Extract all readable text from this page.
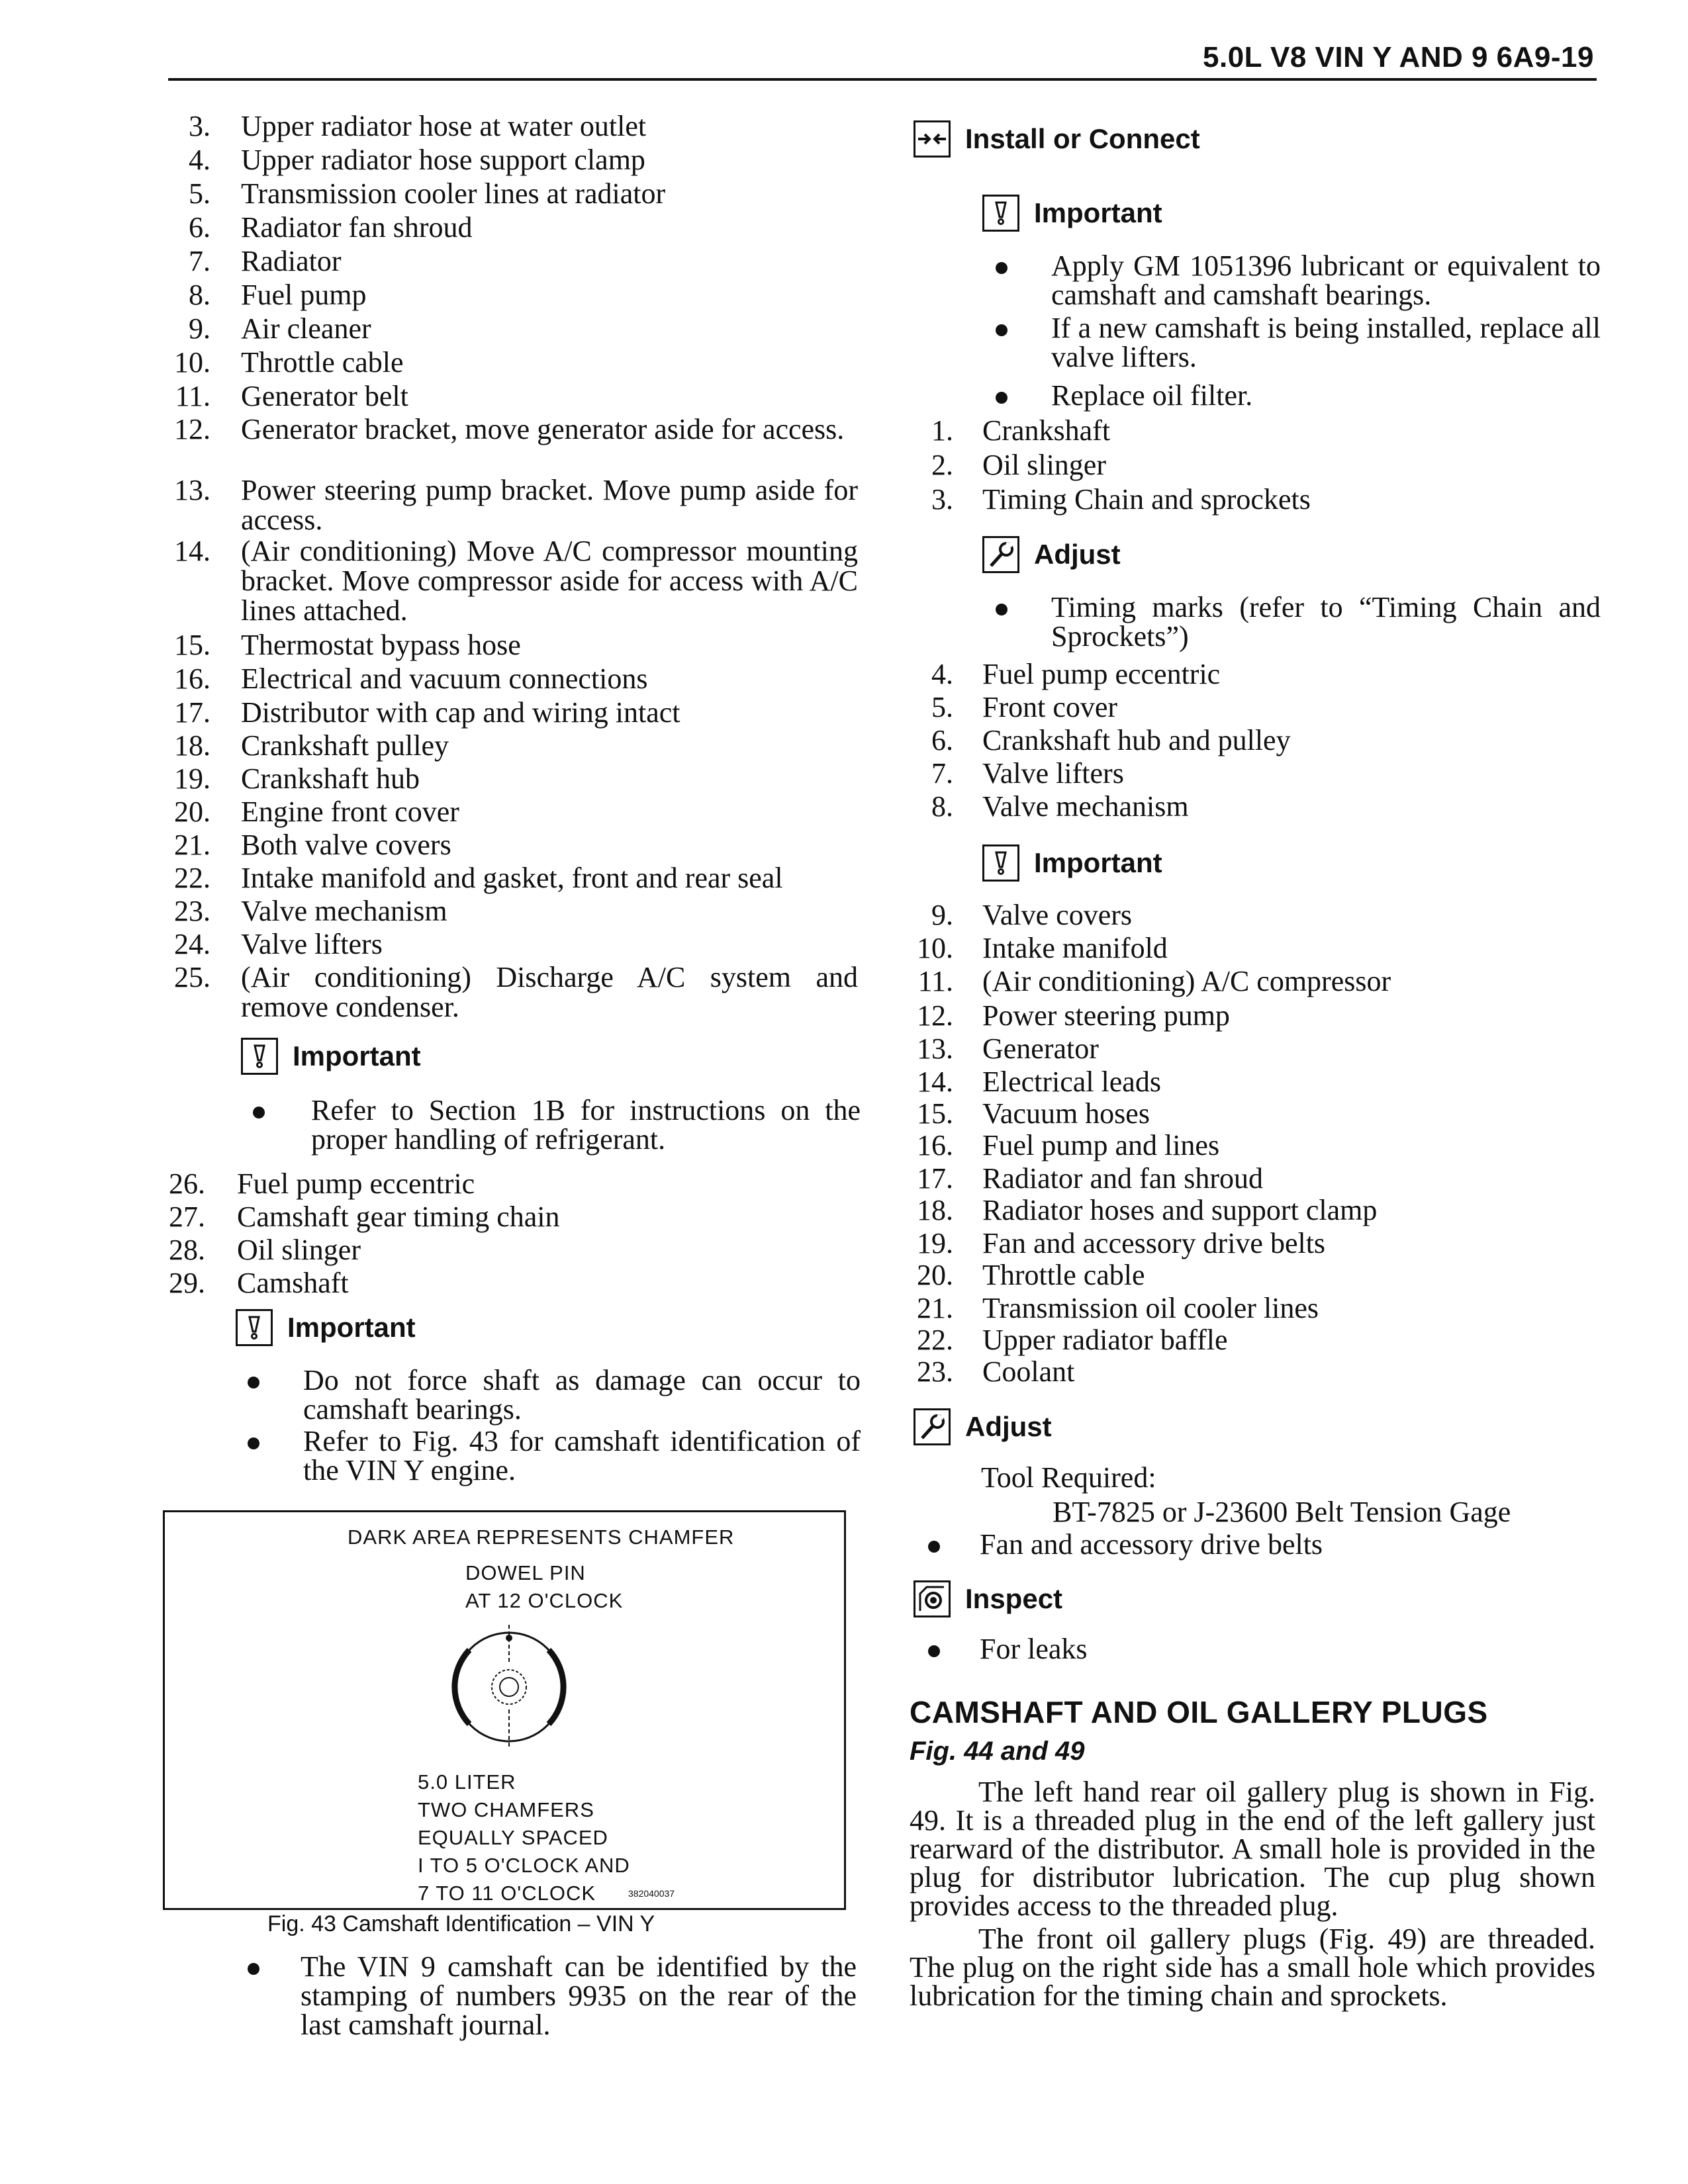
5.0L V8 VIN Y AND 9 6A9-19
DARK AREA REPRESENTS CHAMFER
DOWEL PIN
AT 12 O'CLOCK
5.0 LITER
TWO CHAMFERS
EQUALLY SPACED
I TO 5 O'CLOCK AND
7 TO 11 O'CLOCK	382040037
Fig. 43 Camshaft Identification – VIN Y
3. Upper radiator hose at water outlet
4. Upper radiator hose support clamp
5. Transmission cooler lines at radiator
6. Radiator fan shroud
7. Radiator
8. Fuel pump
9. Air cleaner
10. Throttle cable
11. Generator belt
12. Generator bracket, move generator aside for access.
13. Power steering pump bracket. Move pump aside for access.
14. (Air conditioning) Move A/C compressor mounting bracket. Move compressor aside for access with A/C lines attached.
15. Thermostat bypass hose
16. Electrical and vacuum connections
17. Distributor with cap and wiring intact
18. Crankshaft pulley
19. Crankshaft hub
20. Engine front cover
21. Both valve covers
22. Intake manifold and gasket, front and rear seal
23. Valve mechanism
24. Valve lifters
25. (Air conditioning) Discharge A/C system and remove condenser.
Important
Refer to Section 1B for instructions on the proper handling of refrigerant.
26. Fuel pump eccentric
27. Camshaft gear timing chain
28. Oil slinger
29. Camshaft
Important
Do not force shaft as damage can occur to camshaft bearings.
Refer to Fig. 43 for camshaft identification of the VIN Y engine.
The VIN 9 camshaft can be identified by the stamping of numbers 9935 on the rear of the last camshaft journal.
Install or Connect
Important
Apply GM 1051396 lubricant or equivalent to camshaft and camshaft bearings.
If a new camshaft is being installed, replace all valve lifters.
Replace oil filter.
1. Crankshaft
2. Oil slinger
3. Timing Chain and sprockets
Adjust
Timing marks (refer to “Timing Chain and Sprockets”)
4. Fuel pump eccentric
5. Front cover
6. Crankshaft hub and pulley
7. Valve lifters
8. Valve mechanism
Important
9. Valve covers
10. Intake manifold
11. (Air conditioning) A/C compressor
12. Power steering pump
13. Generator
14. Electrical leads
15. Vacuum hoses
16. Fuel pump and lines
17. Radiator and fan shroud
18. Radiator hoses and support clamp
19. Fan and accessory drive belts
20. Throttle cable
21. Transmission oil cooler lines
22. Upper radiator baffle
23. Coolant
Adjust
Tool Required:
BT-7825 or J-23600 Belt Tension Gage
Fan and accessory drive belts
Inspect
For leaks
CAMSHAFT AND OIL GALLERY PLUGS
Fig. 44 and 49
The left hand rear oil gallery plug is shown in Fig. 49. It is a threaded plug in the end of the left gallery just rearward of the distributor. A small hole is provided in the plug for distributor lubrication. The cup plug shown provides access to the threaded plug.
The front oil gallery plugs (Fig. 49) are threaded. The plug on the right side has a small hole which provides lubrication for the timing chain and sprockets.
